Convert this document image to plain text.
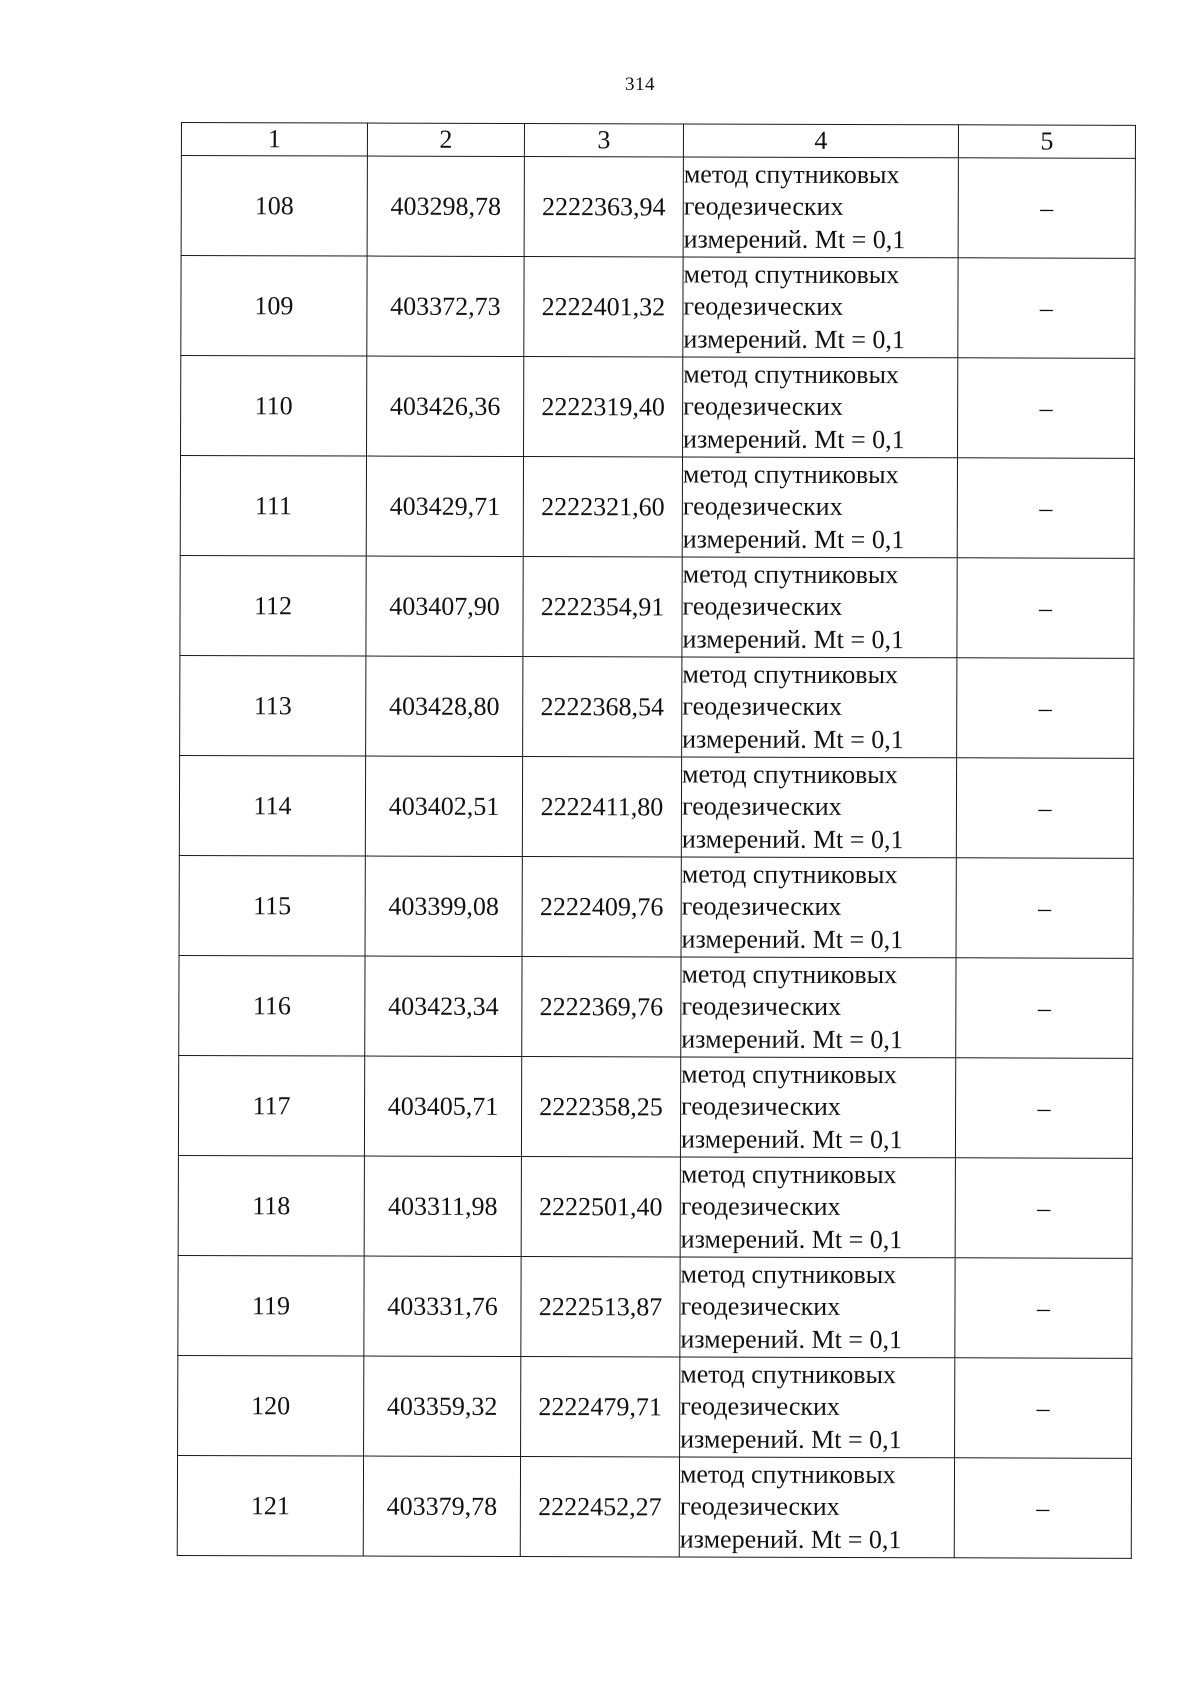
314
1	2	3	4	5
108	403298,78	2222363,94	метод спутниковых
геодезических
измерений. Mt = 0,1	–
109	403372,73	2222401,32	метод спутниковых
геодезических
измерений. Mt = 0,1	–
110	403426,36	2222319,40	метод спутниковых
геодезических
измерений. Mt = 0,1	–
111	403429,71	2222321,60	метод спутниковых
геодезических
измерений. Mt = 0,1	–
112	403407,90	2222354,91	метод спутниковых
геодезических
измерений. Mt = 0,1	–
113	403428,80	2222368,54	метод спутниковых
геодезических
измерений. Mt = 0,1	–
114	403402,51	2222411,80	метод спутниковых
геодезических
измерений. Mt = 0,1	–
115	403399,08	2222409,76	метод спутниковых
геодезических
измерений. Mt = 0,1	–
116	403423,34	2222369,76	метод спутниковых
геодезических
измерений. Mt = 0,1	–
117	403405,71	2222358,25	метод спутниковых
геодезических
измерений. Mt = 0,1	–
118	403311,98	2222501,40	метод спутниковых
геодезических
измерений. Mt = 0,1	–
119	403331,76	2222513,87	метод спутниковых
геодезических
измерений. Mt = 0,1	–
120	403359,32	2222479,71	метод спутниковых
геодезических
измерений. Mt = 0,1	–
121	403379,78	2222452,27	метод спутниковых
геодезических
измерений. Mt = 0,1	–
